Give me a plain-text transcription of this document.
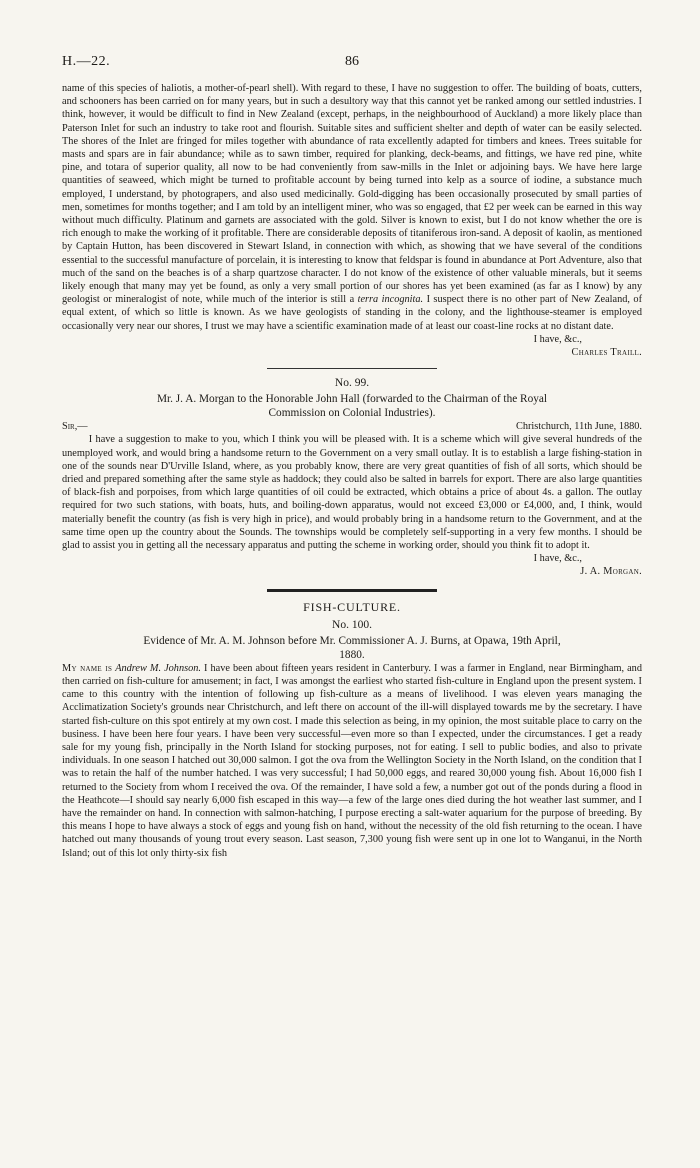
H.—22.	86

name of this species of haliotis, a mother-of-pearl shell). With regard to these, I have no suggestion to offer. The building of boats, cutters, and schooners has been carried on for many years, but in such a desultory way that this cannot yet be ranked among our settled industries. I think, however, it would be difficult to find in New Zealand (except, perhaps, in the neighbourhood of Auckland) a more likely place than Paterson Inlet for such an industry to take root and flourish. Suitable sites and sufficient shelter and depth of water can be easily selected. The shores of the Inlet are fringed for miles together with abundance of rata excellently adapted for timbers and knees. Trees suitable for masts and spars are in fair abundance; while as to sawn timber, required for planking, deck-beams, and fittings, we have red pine, white pine, and totara of superior quality, all now to be had conveniently from saw-mills in the Inlet or adjoining bays. We have here large quantities of seaweed, which might be turned to profitable account by being turned into kelp as a source of iodine, a substance much employed, I understand, by photograpers, and also used medicinally. Gold-digging has been occasionally prosecuted by small parties of men, sometimes for months together; and I am told by an intelligent miner, who was so engaged, that £2 per week can be earned in this way without much difficulty. Platinum and garnets are associated with the gold. Silver is known to exist, but I do not know whether the ore is rich enough to make the working of it profitable. There are considerable deposits of titaniferous iron-sand. A deposit of kaolin, as mentioned by Captain Hutton, has been discovered in Stewart Island, in connection with which, as showing that we have several of the conditions essential to the successful manufacture of porcelain, it is interesting to know that feldspar is found in abundance at Port Adventure, also that much of the sand on the beaches is of a sharp quartzose character. I do not know of the existence of other valuable minerals, but it seems likely enough that many may yet be found, as only a very small portion of our shores has yet been examined (as far as I know) by any geologist or mineralogist of note, while much of the interior is still a terra incognita. I suspect there is no other part of New Zealand, of equal extent, of which so little is known. As we have geologists of standing in the colony, and the lighthouse-steamer is employed occasionally very near our shores, I trust we may have a scientific examination made of at least our coast-line rocks at no distant date.

I have, &c.,
Charles Traill.
No. 99.
Mr. J. A. Morgan to the Honorable John Hall (forwarded to the Chairman of the Royal
Commission on Colonial Industries).
Sir,—	Christchurch, 11th June, 1880.

I have a suggestion to make to you, which I think you will be pleased with. It is a scheme which will give several hundreds of the unemployed work, and would bring a handsome return to the Government on a very small outlay. It is to establish a large fishing-station in one of the sounds near D'Urville Island, where, as you probably know, there are very great quantities of fish of all sorts, which should be dried and prepared something after the same style as haddock; they could also be salted in barrels for export. There are also large quantities of black-fish and porpoises, from which large quantities of oil could be extracted, which obtains a price of about 4s. a gallon. The outlay required for two such stations, with boats, huts, and boiling-down apparatus, would not exceed £3,000 or £4,000, and, I think, would materially benefit the country (as fish is very high in price), and would probably bring in a handsome return to the Government, and at the same time open up the country about the Sounds. The townships would be completely self-supporting in a very few months. I should be glad to assist you in getting all the necessary apparatus and putting the scheme in working order, should you think fit to adopt it.

I have, &c.,
J. A. Morgan.
FISH-CULTURE.
No. 100.
Evidence of Mr. A. M. Johnson before Mr. Commissioner A. J. Burns, at Opawa, 19th April,
1880.

My name is Andrew M. Johnson. I have been about fifteen years resident in Canterbury. I was a farmer in England, near Birmingham, and then carried on fish-culture for amusement; in fact, I was amongst the earliest who started fish-culture in England upon the present system. I came to this country with the intention of following up fish-culture as a means of livelihood. I was eleven years managing the Acclimatization Society's grounds near Christchurch, and left there on account of the ill-will displayed towards me by the secretary. I have started fish-culture on this spot entirely at my own cost. I made this selection as being, in my opinion, the most suitable place to carry on the business. I have been here four years. I have been very successful—even more so than I expected, under the circumstances. I get a ready sale for my young fish, principally in the North Island for stocking purposes, not for eating. I sell to public bodies, and also to private individuals. In one season I hatched out 30,000 salmon. I got the ova from the Wellington Society in the North Island, on the condition that I was to retain the half of the number hatched. I was very successful; I had 50,000 eggs, and reared 30,000 young fish. About 16,000 fish I returned to the Society from whom I received the ova. Of the remainder, I have sold a few, a number got out of the ponds during a flood in the Heathcote—I should say nearly 6,000 fish escaped in this way—a few of the large ones died during the hot weather last summer, and I have the remainder on hand. In connection with salmon-hatching, I purpose erecting a salt-water aquarium for the purpose of breeding. By this means I hope to have always a stock of eggs and young fish on hand, without the necessity of the old fish returning to the ocean. I have hatched out many thousands of young trout every season. Last season, 7,300 young fish were sent up in one lot to Wanganui, in the North Island; out of this lot only thirty-six fish
